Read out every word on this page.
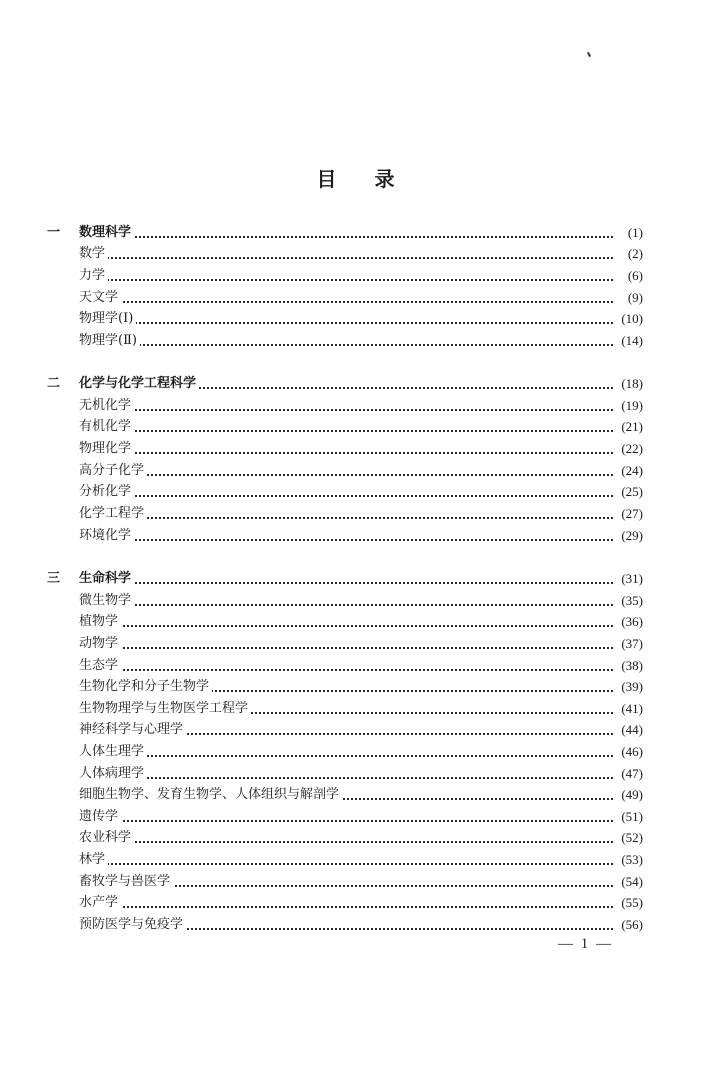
目 录
一	数理科学	(1)
数学	(2)
力学	(6)
天文学	(9)
物理学(Ⅰ)	(10)
物理学(Ⅱ)	(14)
二	化学与化学工程科学	(18)
无机化学	(19)
有机化学	(21)
物理化学	(22)
高分子化学	(24)
分析化学	(25)
化学工程学	(27)
环境化学	(29)
三	生命科学	(31)
微生物学	(35)
植物学	(36)
动物学	(37)
生态学	(38)
生物化学和分子生物学	(39)
生物物理学与生物医学工程学	(41)
神经科学与心理学	(44)
人体生理学	(46)
人体病理学	(47)
细胞生物学、发育生物学、人体组织与解剖学	(49)
遗传学	(51)
农业科学	(52)
林学	(53)
畜牧学与兽医学	(54)
水产学	(55)
预防医学与免疫学	(56)
— 1 —
